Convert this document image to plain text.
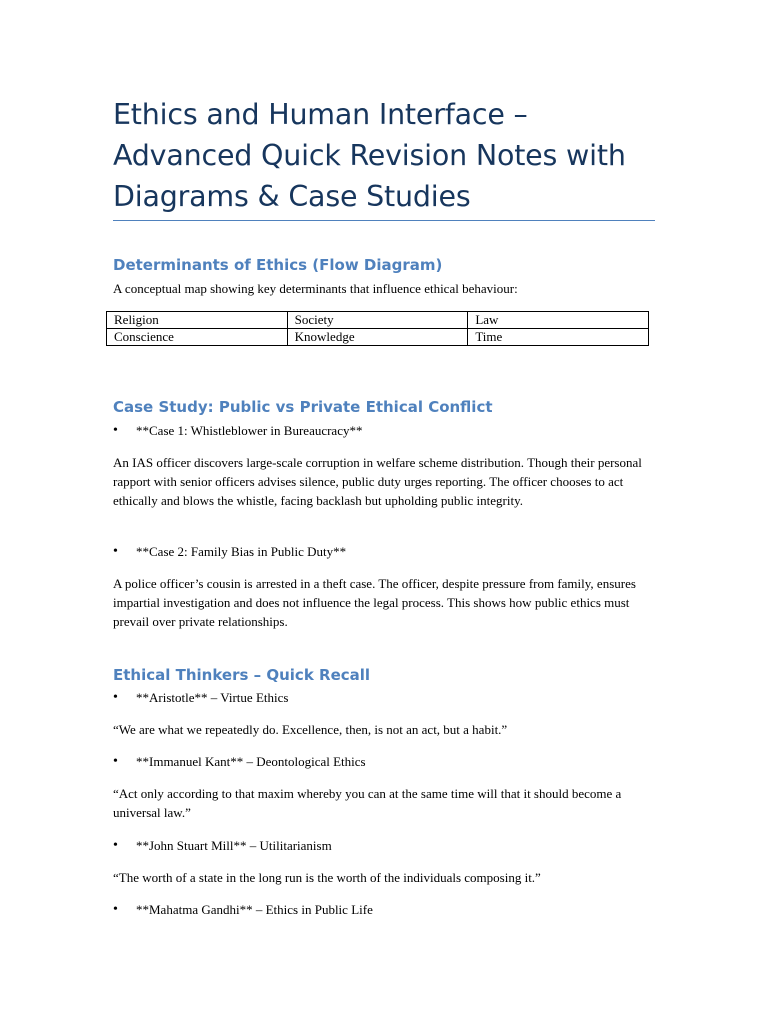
Ethics and Human Interface – Advanced Quick Revision Notes with Diagrams & Case Studies
Determinants of Ethics (Flow Diagram)

A conceptual map showing key determinants that influence ethical behaviour:

Religion	Society	Law
Conscience	Knowledge	Time
Case Study: Public vs Private Ethical Conflict
• **Case 1: Whistleblower in Bureaucracy**

An IAS officer discovers large-scale corruption in welfare scheme distribution. Though their personal rapport with senior officers advises silence, public duty urges reporting. The officer chooses to act ethically and blows the whistle, facing backlash but upholding public integrity.

• **Case 2: Family Bias in Public Duty**

A police officer’s cousin is arrested in a theft case. The officer, despite pressure from family, ensures impartial investigation and does not influence the legal process. This shows how public ethics must prevail over private relationships.

Ethical Thinkers – Quick Recall
• **Aristotle** – Virtue Ethics

“We are what we repeatedly do. Excellence, then, is not an act, but a habit.”

• **Immanuel Kant** – Deontological Ethics

“Act only according to that maxim whereby you can at the same time will that it should become a universal law.”

• **John Stuart Mill** – Utilitarianism

“The worth of a state in the long run is the worth of the individuals composing it.”

• **Mahatma Gandhi** – Ethics in Public Life
